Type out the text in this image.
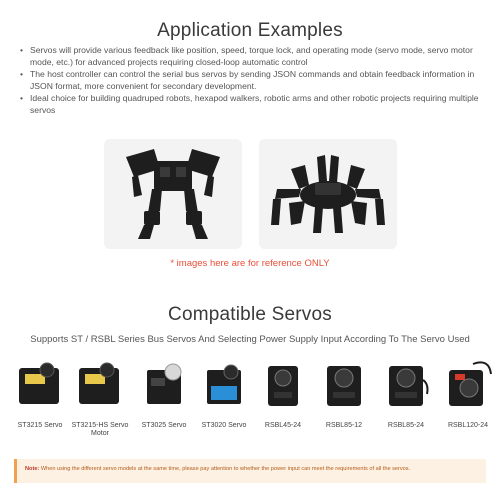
Application Examples
• Servos will provide various feedback like position, speed, torque lock, and operating mode (servo mode, servo motor mode, etc.) for advanced projects requiring closed-loop automatic control
• The host controller can control the serial bus servos by sending JSON commands and obtain feedback information in JSON format, more convenient for secondary development.
• Ideal choice for building quadruped robots, hexapod walkers, robotic arms and other robotic projects requiring multiple servos
* images here are for reference ONLY
Compatible Servos
Supports ST / RSBL Series Bus Servos And Selecting Power Supply Input According To The Servo Used
ST3215 Servo	ST3215-HS Servo Motor
ST3025 Servo	ST3020 Servo	RSBL45-24	RSBL85-12	RSBL85-24	RSBL120-24
Note: When using the different servo models at the same time, please pay attention to whether the power input can meet the requirements of all the servos.
